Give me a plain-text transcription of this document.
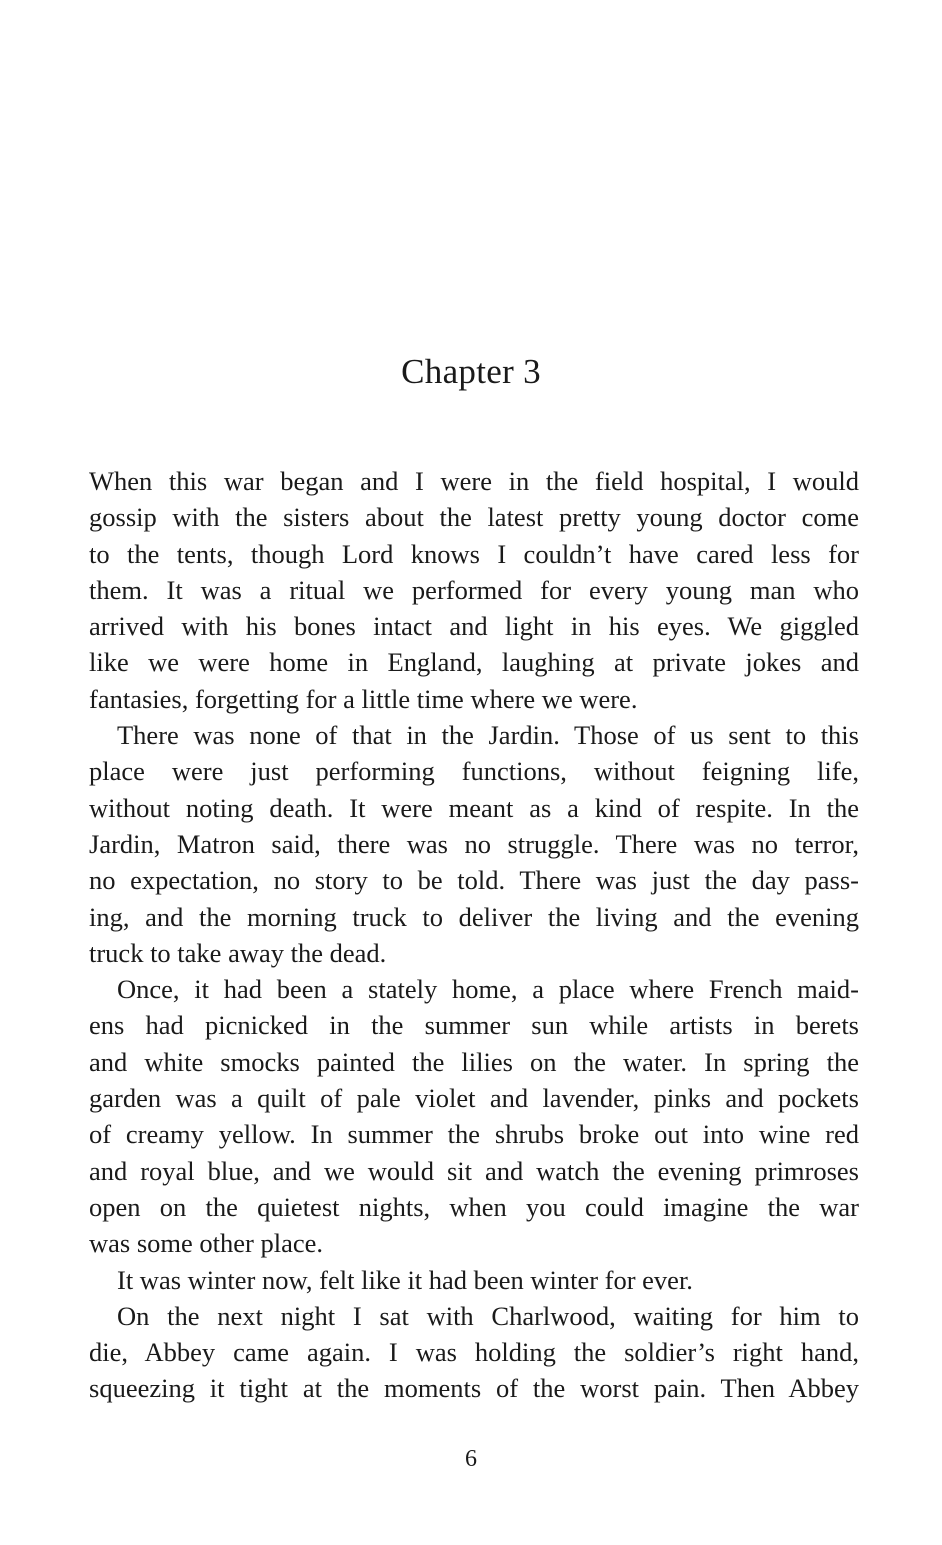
Chapter 3

When this war began and I were in the field hospital, I would
gossip with the sisters about the latest pretty young doctor come
to the tents, though Lord knows I couldn’t have cared less for
them. It was a ritual we performed for every young man who
arrived with his bones intact and light in his eyes. We giggled
like we were home in England, laughing at private jokes and
fantasies, forgetting for a little time where we were.

There was none of that in the Jardin. Those of us sent to this
place were just performing functions, without feigning life,
without noting death. It were meant as a kind of respite. In the
Jardin, Matron said, there was no struggle. There was no terror,
no expectation, no story to be told. There was just the day pass-
ing, and the morning truck to deliver the living and the evening
truck to take away the dead.

Once, it had been a stately home, a place where French maid-
ens had picnicked in the summer sun while artists in berets
and white smocks painted the lilies on the water. In spring the
garden was a quilt of pale violet and lavender, pinks and pockets
of creamy yellow. In summer the shrubs broke out into wine red
and royal blue, and we would sit and watch the evening primroses
open on the quietest nights, when you could imagine the war
was some other place.

It was winter now, felt like it had been winter for ever.

On the next night I sat with Charlwood, waiting for him to
die, Abbey came again. I was holding the soldier’s right hand,
squeezing it tight at the moments of the worst pain. Then Abbey

6
